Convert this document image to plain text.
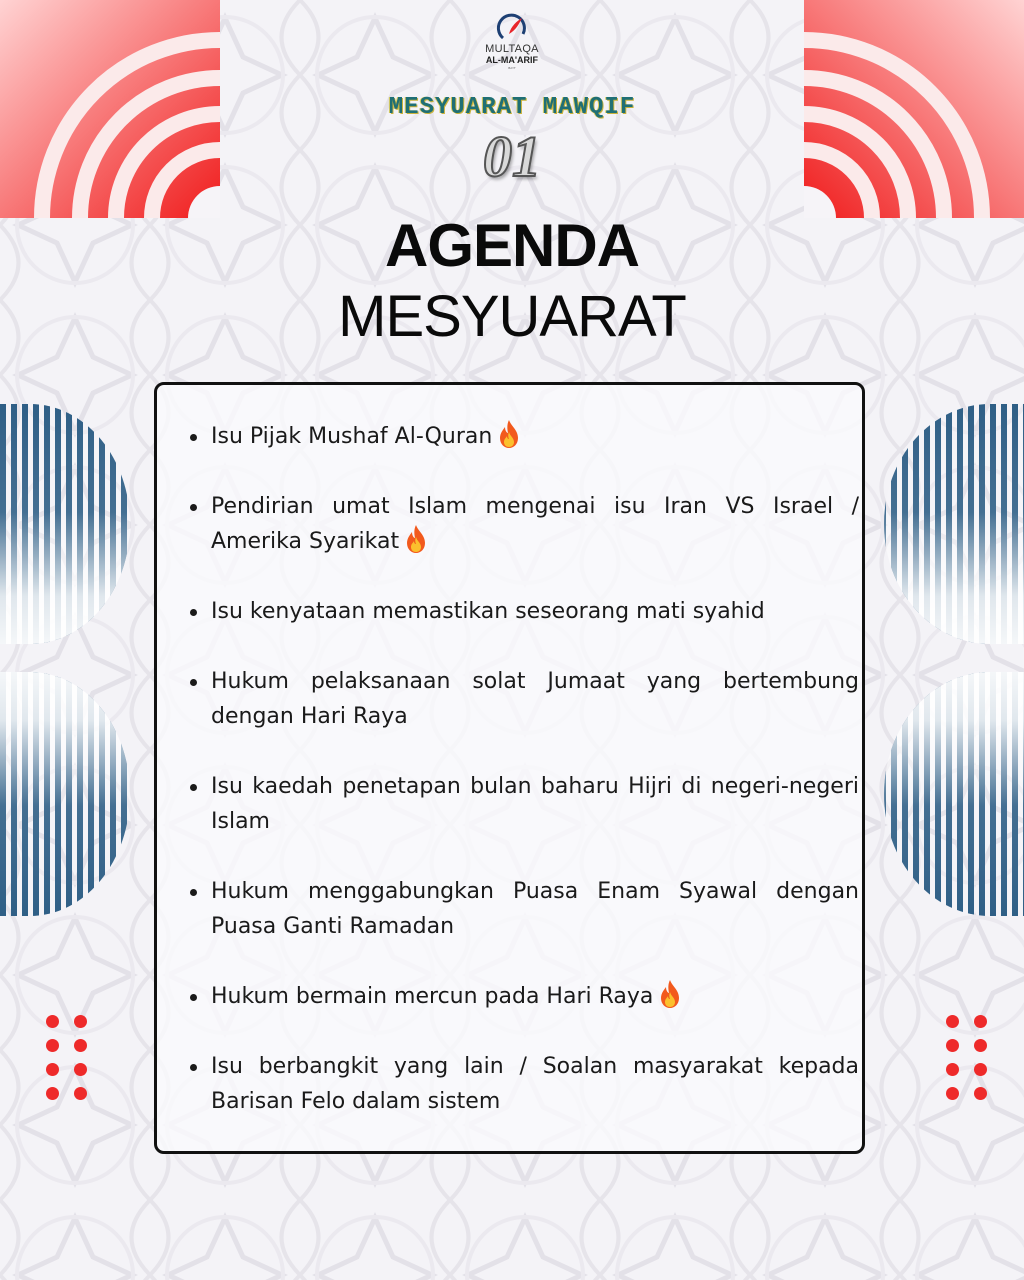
MULTAQA
AL-MA'ARIF
BAYT
MESYUARAT MAWQIF
01
AGENDA
MESYUARAT
Isu Pijak Mushaf Al-Quran
Pendirian umat Islam mengenai isu Iran VS Israel / Amerika Syarikat
Isu kenyataan memastikan seseorang mati syahid
Hukum pelaksanaan solat Jumaat yang bertembung dengan Hari Raya
Isu kaedah penetapan bulan baharu Hijri di negeri-negeri Islam
Hukum menggabungkan Puasa Enam Syawal dengan Puasa Ganti Ramadan
Hukum bermain mercun pada Hari Raya
Isu berbangkit yang lain / Soalan masyarakat kepada Barisan Felo dalam sistem
